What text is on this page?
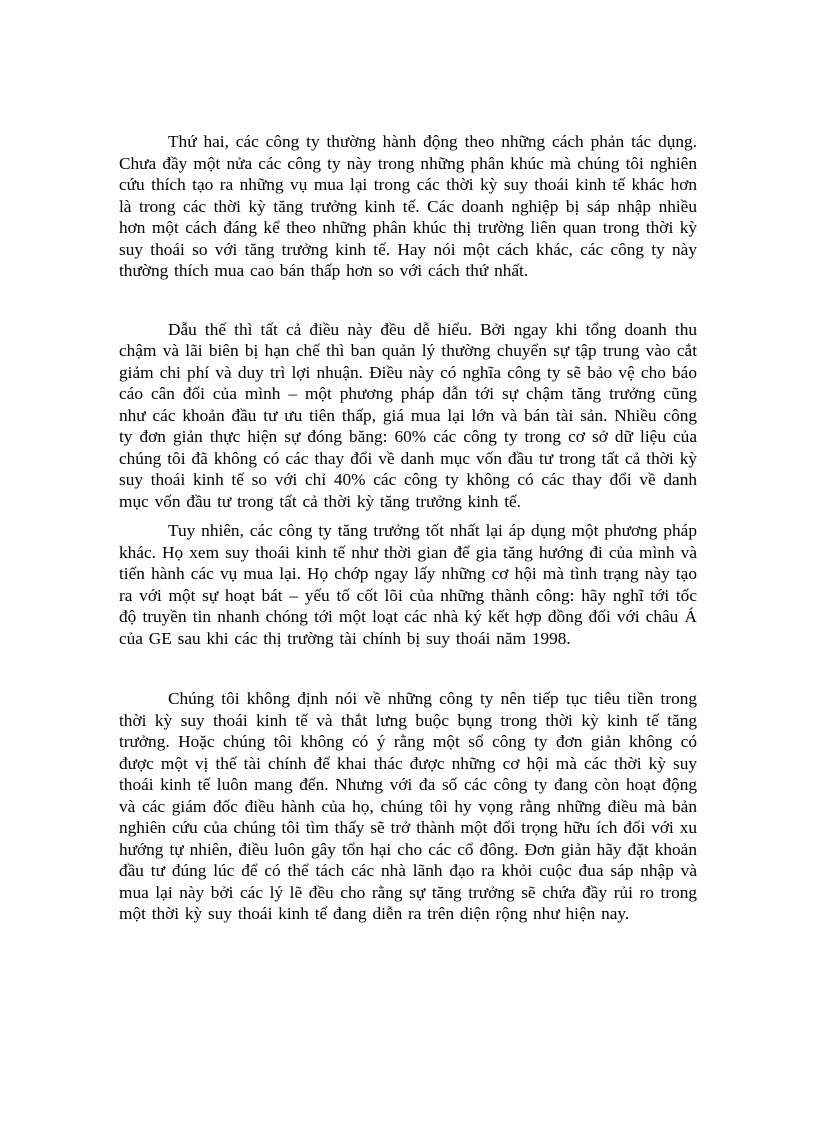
Thứ hai, các công ty thường hành động theo những cách phản tác dụng. Chưa đầy một nửa các công ty này trong những phân khúc mà chúng tôi nghiên cứu thích tạo ra những vụ mua lại trong các thời kỳ suy thoái kinh tế khác hơn là trong các thời kỳ tăng trưởng kinh tế. Các doanh nghiệp bị sáp nhập nhiều hơn một cách đáng kể theo những phân khúc thị trường liên quan trong thời kỳ suy thoái so với tăng trưởng kinh tế. Hay nói một cách khác, các công ty này thường thích mua cao bán thấp hơn so với cách thứ nhất.

Dẫu thế thì tất cả điều này đều dễ hiểu. Bởi ngay khi tổng doanh thu chậm và lãi biên bị hạn chế thì ban quản lý thường chuyển sự tập trung vào cắt giảm chi phí và duy trì lợi nhuận. Điều này có nghĩa công ty sẽ bảo vệ cho báo cáo cân đối của mình – một phương pháp dẫn tới sự chậm tăng trưởng cũng như các khoản đầu tư ưu tiên thấp, giá mua lại lớn và bán tài sản. Nhiều công ty đơn giản thực hiện sự đóng băng: 60% các công ty trong cơ sở dữ liệu của chúng tôi đã không có các thay đổi về danh mục vốn đầu tư trong tất cả thời kỳ suy thoái kinh tế so với chỉ 40% các công ty không có các thay đổi về danh mục vốn đầu tư trong tất cả thời kỳ tăng trưởng kinh tế.

Tuy nhiên, các công ty tăng trưởng tốt nhất lại áp dụng một phương pháp khác. Họ xem suy thoái kinh tế như thời gian để gia tăng hướng đi của mình và tiến hành các vụ mua lại. Họ chớp ngay lấy những cơ hội mà tình trạng này tạo ra với một sự hoạt bát – yếu tố cốt lõi của những thành công: hãy nghĩ tới tốc độ truyền tin nhanh chóng tới một loạt các nhà ký kết hợp đồng đối với châu Á của GE sau khi các thị trường tài chính bị suy thoái năm 1998.

Chúng tôi không định nói về những công ty nên tiếp tục tiêu tiền trong thời kỳ suy thoái kinh tế và thắt lưng buộc bụng trong thời kỳ kinh tế tăng trưởng. Hoặc chúng tôi không có ý rằng một số công ty đơn giản không có được một vị thế tài chính để khai thác được những cơ hội mà các thời kỳ suy thoái kinh tế luôn mang đến. Nhưng với đa số các công ty đang còn hoạt động và các giám đốc điều hành của họ, chúng tôi hy vọng rằng những điều mà bản nghiên cứu của chúng tôi tìm thấy sẽ trở thành một đối trọng hữu ích đối với xu hướng tự nhiên, điều luôn gây tổn hại cho các cổ đông. Đơn giản hãy đặt khoản đầu tư đúng lúc để có thể tách các nhà lãnh đạo ra khỏi cuộc đua sáp nhập và mua lại này bởi các lý lẽ đều cho rằng sự tăng trưởng sẽ chứa đầy rủi ro trong một thời kỳ suy thoái kinh tế đang diễn ra trên diện rộng như hiện nay.
